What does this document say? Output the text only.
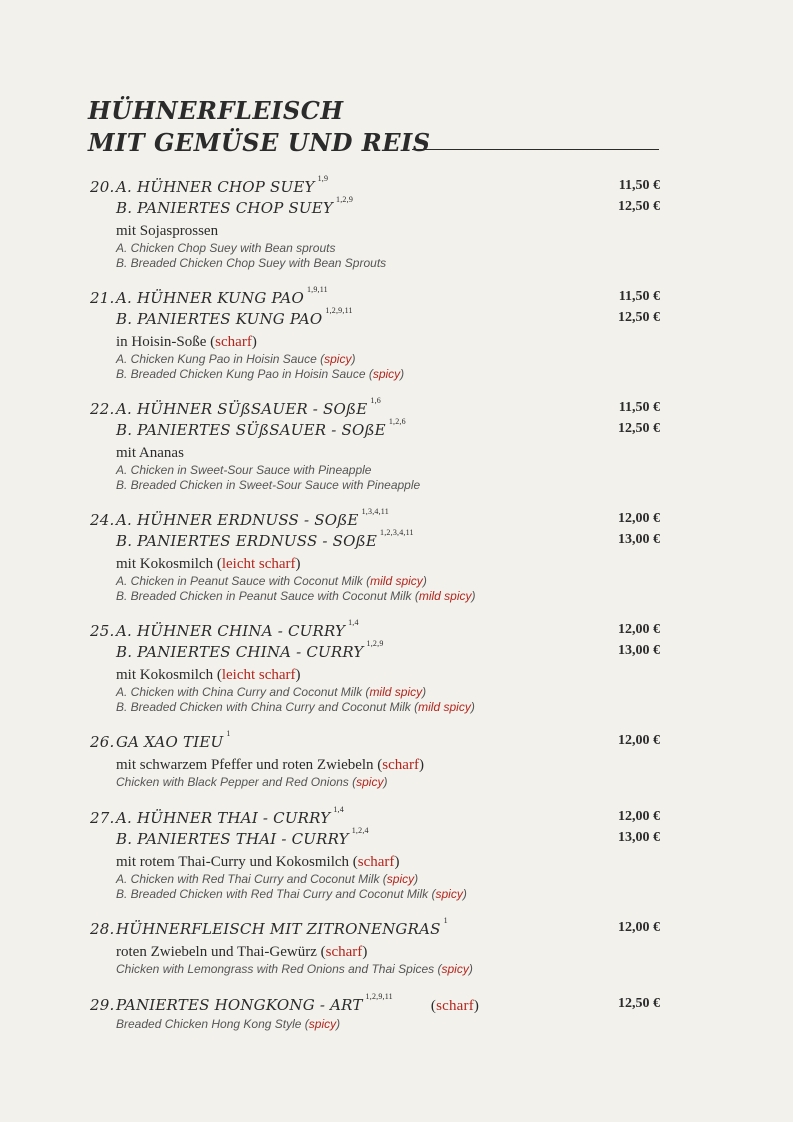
HÜHNERFLEISCH
MIT GEMÜSE UND REIS
20. A. HÜHNER CHOP SUEY $^{1,9}$	11,50 €
B. PANIERTES CHOP SUEY $^{1,2,9}$	12,50 €
mit Sojasprossen
A. Chicken Chop Suey with Bean sprouts
B. Breaded Chicken Chop Suey with Bean Sprouts
21. A. HÜHNER KUNG PAO $^{1,9,11}$	11,50 €
B. PANIERTES KUNG PAO $^{1,2,9,11}$	12,50 €
in Hoisin-Soße (scharf)
A. Chicken Kung Pao in Hoisin Sauce (spicy)
B. Breaded Chicken Kung Pao in Hoisin Sauce (spicy)
22. A. HÜHNER SÜßSAUER - SOßE $^{1,6}$	11,50 €
B. PANIERTES SÜßSAUER - SOßE $^{1,2,6}$	12,50 €
mit Ananas
A. Chicken in Sweet-Sour Sauce with Pineapple
B. Breaded Chicken in Sweet-Sour Sauce with Pineapple
24. A. HÜHNER ERDNUSS - SOßE $^{1,3,4,11}$	12,00 €
B. PANIERTES ERDNUSS - SOßE $^{1,2,3,4,11}$	13,00 €
mit Kokosmilch (leicht scharf)
A. Chicken in Peanut Sauce with Coconut Milk (mild spicy)
B. Breaded Chicken in Peanut Sauce with Coconut Milk (mild spicy)
25. A. HÜHNER CHINA - CURRY $^{1,4}$	12,00 €
B. PANIERTES CHINA - CURRY $^{1,2,9}$	13,00 €
mit Kokosmilch (leicht scharf)
A. Chicken with China Curry and Coconut Milk (mild spicy)
B. Breaded Chicken with China Curry and Coconut Milk (mild spicy)
26. GA XAO TIEU $^1$	12,00 €
mit schwarzem Pfeffer und roten Zwiebeln (scharf)
Chicken with Black Pepper and Red Onions (spicy)
27. A. HÜHNER THAI - CURRY $^{1,4}$	12,00 €
B. PANIERTES THAI - CURRY $^{1,2,4}$	13,00 €
mit rotem Thai-Curry und Kokosmilch (scharf)
A. Chicken with Red Thai Curry and Coconut Milk (spicy)
B. Breaded Chicken with Red Thai Curry and Coconut Milk (spicy)
28. HÜHNERFLEISCH MIT ZITRONENGRAS $^1$	12,00 €
roten Zwiebeln und Thai-Gewürz (scharf)
Chicken with Lemongrass with Red Onions and Thai Spices (spicy)
29. PANIERTES HONGKONG - ART $^{1,2,9,11}$(scharf)	12,50 €
Breaded Chicken Hong Kong Style (spicy)
